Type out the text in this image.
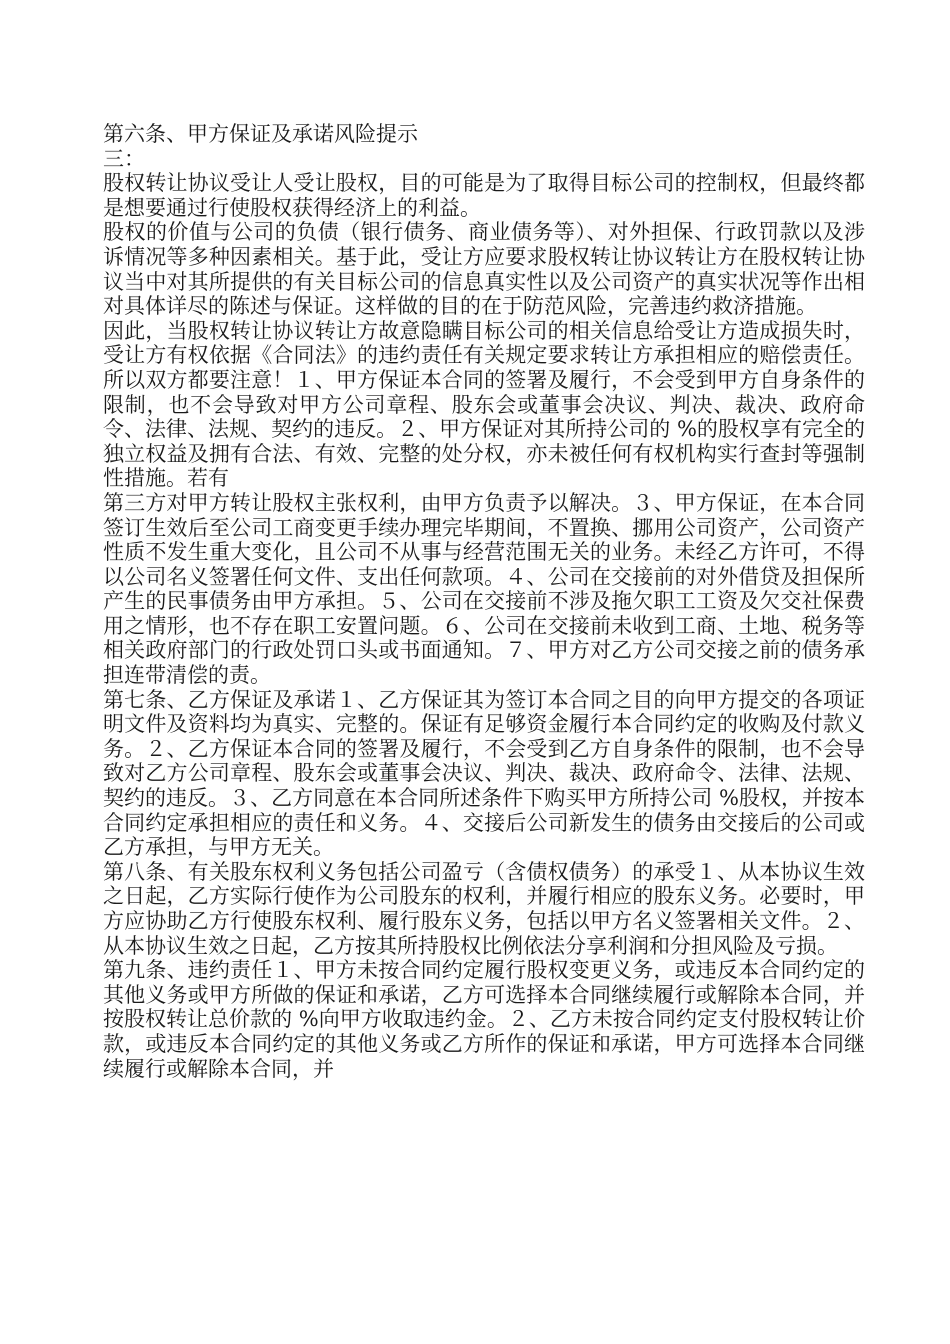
第六条、甲方保证及承诺风险提示

三：

股权转让协议受让人受让股权，目的可能是为了取得目标公司的控制权，但最终都是想要通过行使股权获得经济上的利益。

股权的价值与公司的负债（银行债务、商业债务等）、对外担保、行政罚款以及涉诉情况等多种因素相关。基于此，受让方应要求股权转让协议转让方在股权转让协议当中对其所提供的有关目标公司的信息真实性以及公司资产的真实状况等作出相对具体详尽的陈述与保证。这样做的目的在于防范风险，完善违约救济措施。

因此，当股权转让协议转让方故意隐瞒目标公司的相关信息给受让方造成损失时，受让方有权依据《合同法》的违约责任有关规定要求转让方承担相应的赔偿责任。所以双方都要注意！１、甲方保证本合同的签署及履行，不会受到甲方自身条件的限制，也不会导致对甲方公司章程、股东会或董事会决议、判决、裁决、政府命令、法律、法规、契约的违反。２、甲方保证对其所持公司的 %的股权享有完全的独立权益及拥有合法、有效、完整的处分权，亦未被任何有权机构实行查封等强制性措施。若有

第三方对甲方转让股权主张权利，由甲方负责予以解决。３、甲方保证，在本合同签订生效后至公司工商变更手续办理完毕期间，不置换、挪用公司资产，公司资产性质不发生重大变化，且公司不从事与经营范围无关的业务。未经乙方许可，不得以公司名义签署任何文件、支出任何款项。４、公司在交接前的对外借贷及担保所产生的民事债务由甲方承担。５、公司在交接前不涉及拖欠职工工资及欠交社保费用之情形，也不存在职工安置问题。６、公司在交接前未收到工商、土地、税务等相关政府部门的行政处罚口头或书面通知。７、甲方对乙方公司交接之前的债务承担连带清偿的责。

第七条、乙方保证及承诺１、乙方保证其为签订本合同之目的向甲方提交的各项证明文件及资料均为真实、完整的。保证有足够资金履行本合同约定的收购及付款义务。２、乙方保证本合同的签署及履行，不会受到乙方自身条件的限制，也不会导致对乙方公司章程、股东会或董事会决议、判决、裁决、政府命令、法律、法规、契约的违反。３、乙方同意在本合同所述条件下购买甲方所持公司 %股权，并按本合同约定承担相应的责任和义务。４、交接后公司新发生的债务由交接后的公司或乙方承担，与甲方无关。

第八条、有关股东权利义务包括公司盈亏（含债权债务）的承受１、从本协议生效之日起，乙方实际行使作为公司股东的权利，并履行相应的股东义务。必要时，甲方应协助乙方行使股东权利、履行股东义务，包括以甲方名义签署相关文件。２、从本协议生效之日起，乙方按其所持股权比例依法分享利润和分担风险及亏损。

第九条、违约责任１、甲方未按合同约定履行股权变更义务，或违反本合同约定的其他义务或甲方所做的保证和承诺，乙方可选择本合同继续履行或解除本合同，并按股权转让总价款的 %向甲方收取违约金。２、乙方未按合同约定支付股权转让价款，或违反本合同约定的其他义务或乙方所作的保证和承诺，甲方可选择本合同继续履行或解除本合同，并
